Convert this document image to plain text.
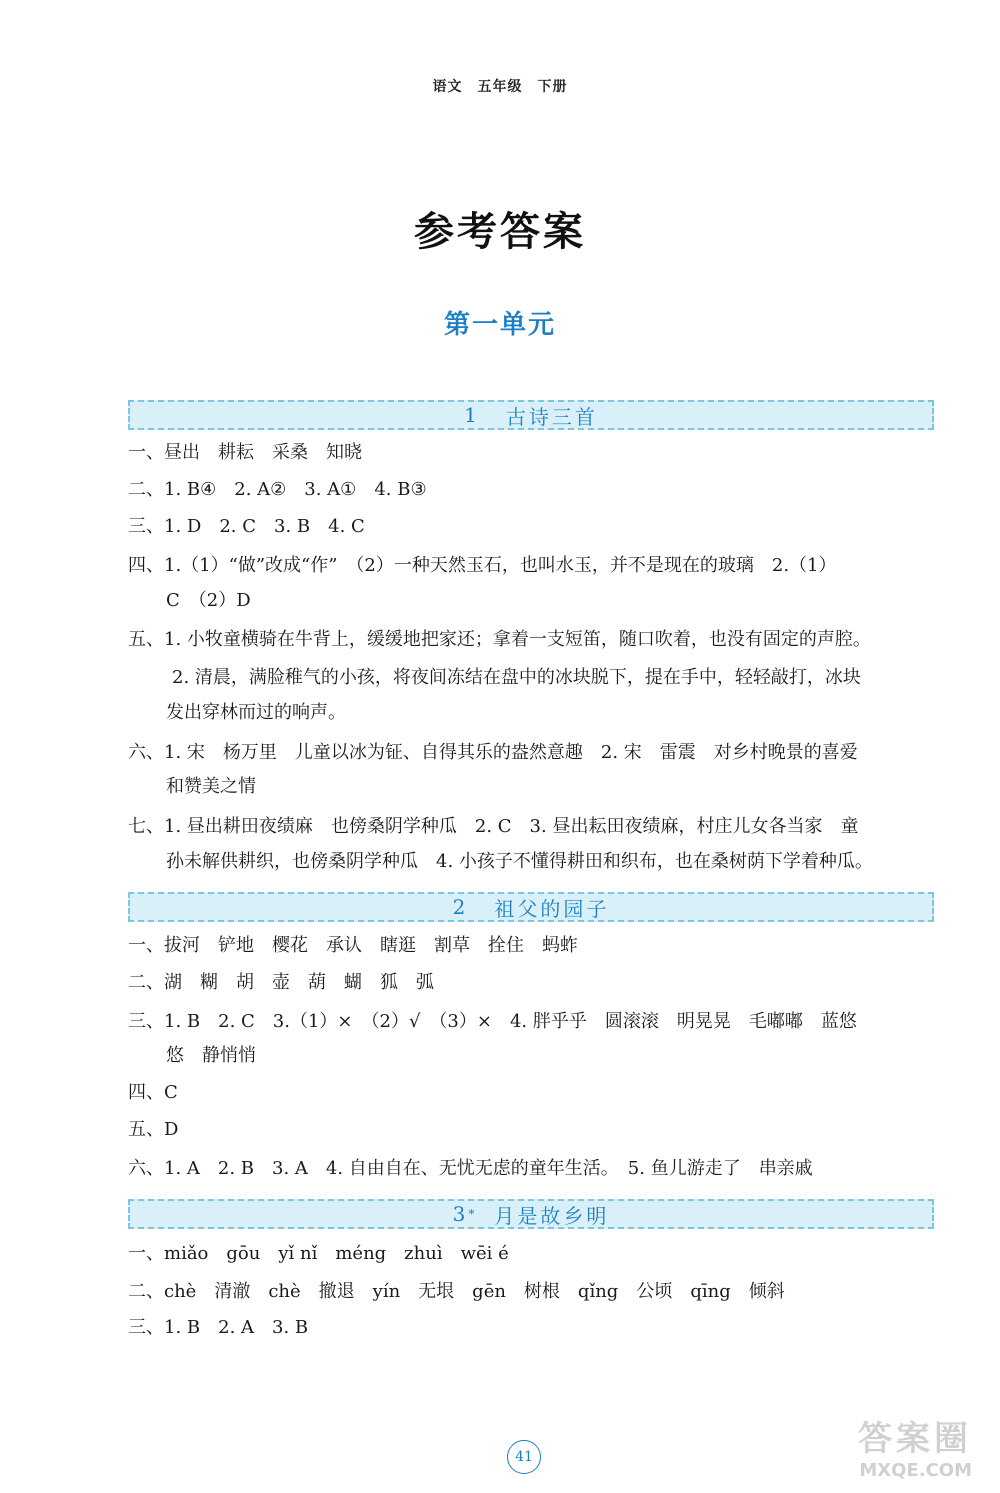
语文　五年级　下册
参考答案
第一单元
1 古诗三首
一、昼出　耕耘　采桑　知晓
二、1. B④　2. A②　3. A①　4. B③
三、1. D　2. C　3. B　4. C
四、1.（1）“做”改成“作”　（2）一种天然玉石，也叫水玉，并不是现在的玻璃　2.（1）
C　（2）D
五、1. 小牧童横骑在牛背上，缓缓地把家还；拿着一支短笛，随口吹着，也没有固定的声腔。
2. 清晨，满脸稚气的小孩，将夜间冻结在盘中的冰块脱下，提在手中，轻轻敲打，冰块
发出穿林而过的响声。
六、1. 宋　杨万里　儿童以冰为钲、自得其乐的盎然意趣　2. 宋　雷震　对乡村晚景的喜爱
和赞美之情
七、1. 昼出耕田夜绩麻　也傍桑阴学种瓜　2. C　3. 昼出耘田夜绩麻，村庄儿女各当家　童
孙未解供耕织，也傍桑阴学种瓜　4. 小孩子不懂得耕田和织布，也在桑树荫下学着种瓜。
2 祖父的园子
一、拔河　铲地　樱花　承认　瞎逛　割草　拴住　蚂蚱
二、湖　糊　胡　壶　葫　蝴　狐　弧
三、1. B　2. C　3.（1）×　（2）√　（3）×　4. 胖乎乎　圆滚滚　明晃晃　毛嘟嘟　蓝悠
悠　静悄悄
四、C
五、D
六、1. A　2. B　3. A　4. 自由自在、无忧无虑的童年生活。　5. 鱼儿游走了　串亲戚
3 * 月是故乡明
一、miǎo　gōu　yǐ nǐ　méng　zhuì　wēi é
二、chè　清澈　chè　撤退　yín　无垠　gēn　树根　qǐng　公顷　qīng　倾斜
三、1. B　2. A　3. B
41	答案圈
MXQE.COM
